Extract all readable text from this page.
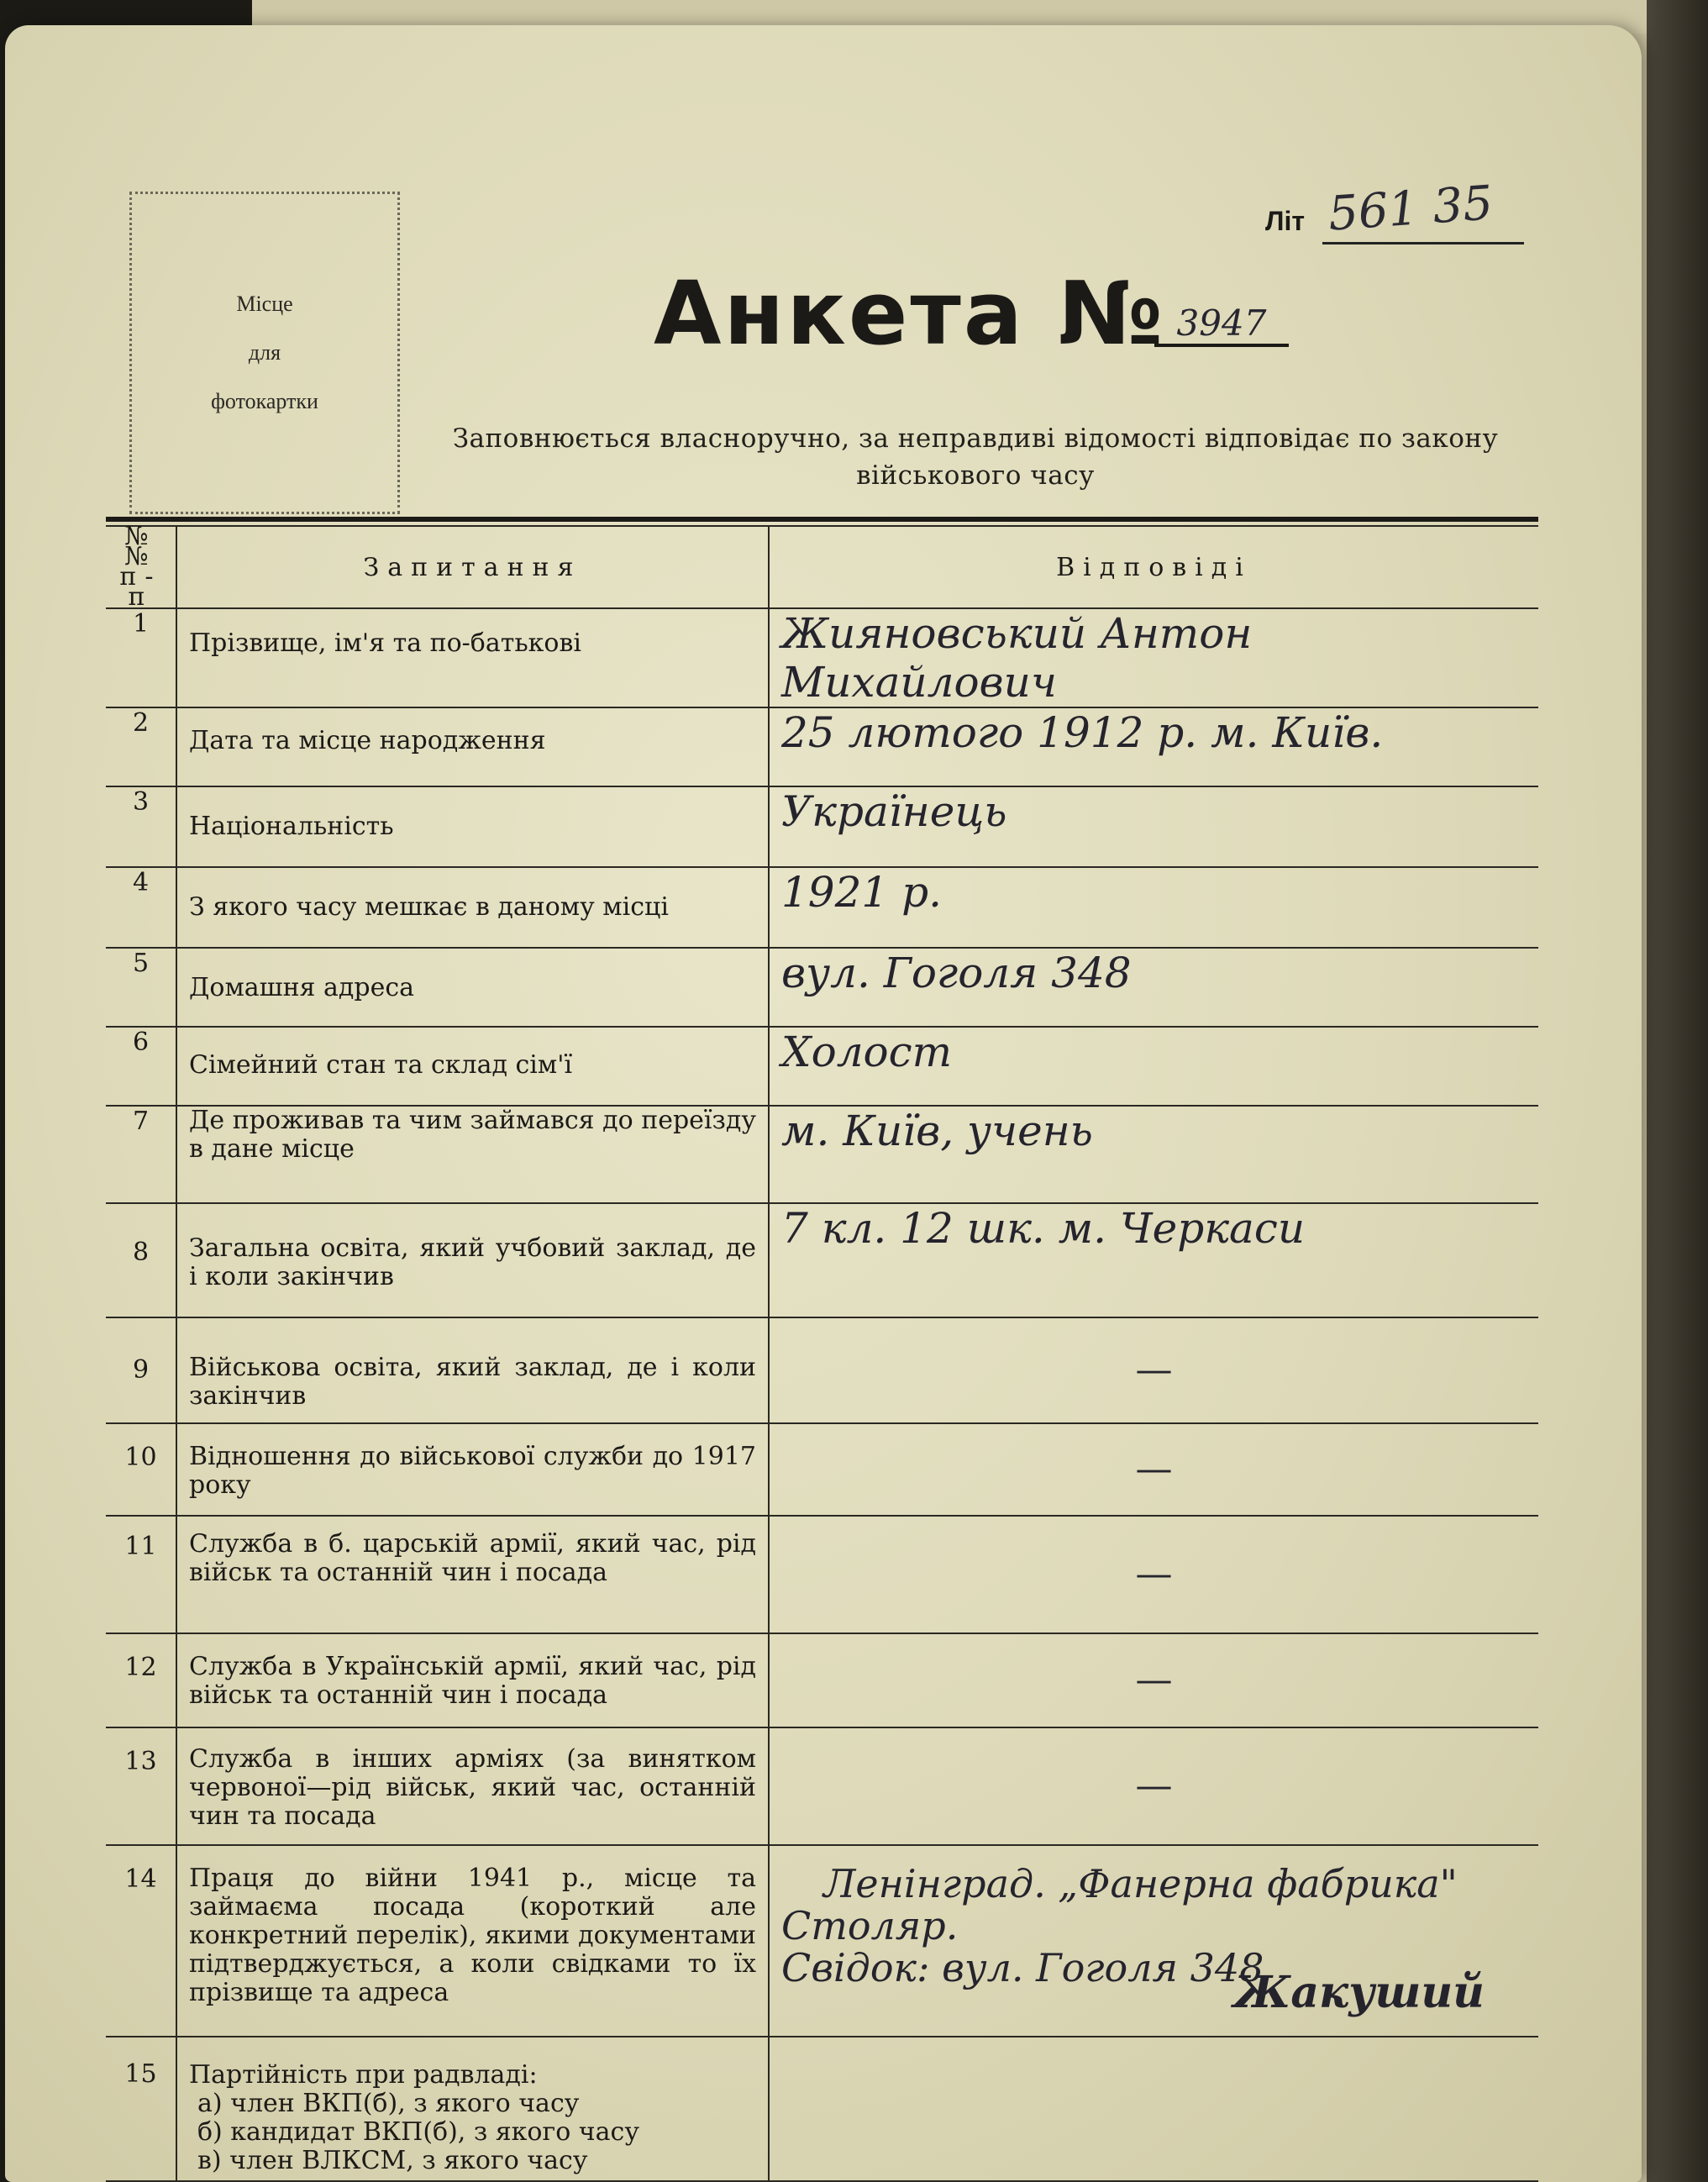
Місце
для
фотокартки
Літ 561 35
Анкета № 3947
Заповнюється власноручно, за неправдиві відомості відповідає по закону
військового часу
№№ п-п	Запитання	Відповіді
1	Прізвище, ім'я та по-батькові	Жияновський Антон Михайлович
2	Дата та місце народження	25 лютого 1912 р. м. Київ.
3	Національність	Українець
4	З якого часу мешкає в даному місці	1921 р.
5	Домашня адреса	вул. Гоголя 348
6	Сімейний стан та склад сім'ї	Холост
7	Де проживав та чим займався до переїзду в дане місце	м. Київ, учень
8	Загальна освіта, який учбовий заклад, де і коли закінчив	7 кл. 12 шк. м. Черкаси
9	Військова освіта, який заклад, де і коли закінчив	—
10	Відношення до військової служби до 1917 року	—
11	Служба в б. царській армії, який час, рід військ та останній чин і посада	—
12	Служба в Українській армії, який час, рід військ та останній чин і посада	—
13	Служба в інших арміях (за винятком червоної—рід військ, який час, останній чин та посада	—
14	Праця до війни 1941 р., місце та займаєма посада (короткий але конкретний перелік), якими документами підтверджується, а коли свідками то їх прізвище та адреса	Ленінград. „Фанерна фабрика"
Столяр.
Свідок: вул. Гоголя 348
Жакуший

15	Партійність при радвладі:
а) член ВКП(б), з якого часу
б) кандидат ВКП(б), з якого часу
в) член ВЛКСМ, з якого часу	
